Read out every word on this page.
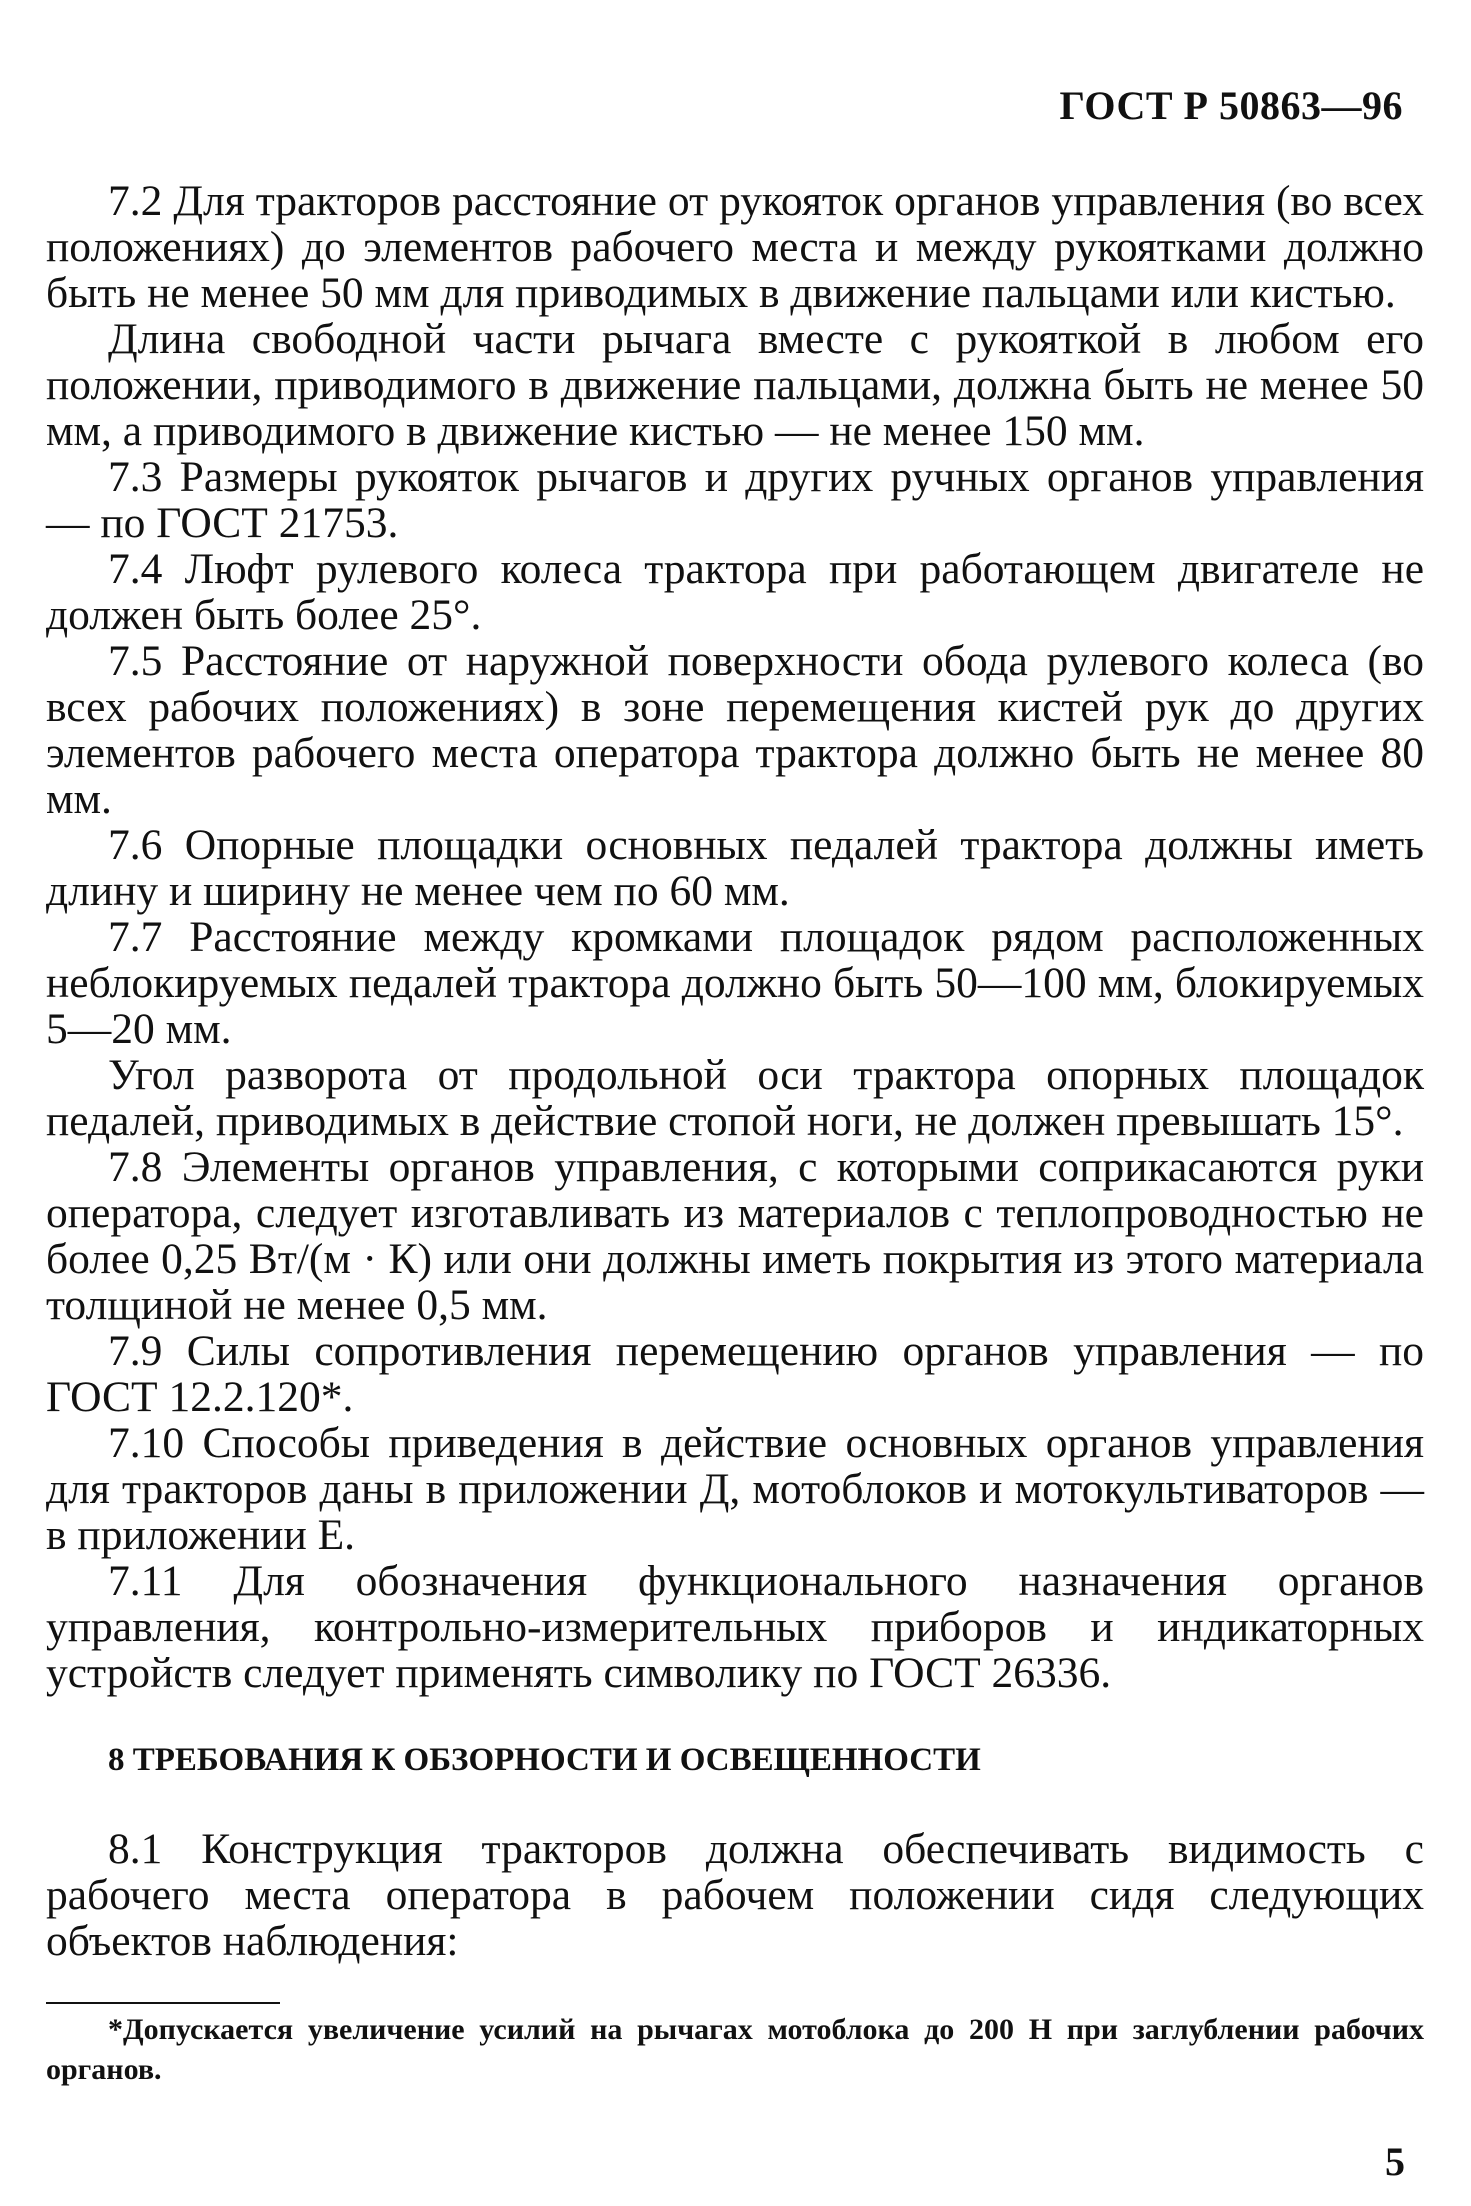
ГОСТ Р 50863—96

7.2 Для тракторов расстояние от рукояток органов управления (во всех положениях) до элементов рабочего места и между рукоятками должно быть не менее 50 мм для приводимых в движение пальцами или кистью.

Длина свободной части рычага вместе с рукояткой в любом его положении, приводимого в движение пальцами, должна быть не менее 50 мм, а приводимого в движение кистью — не менее 150 мм.

7.3 Размеры рукояток рычагов и других ручных органов управления — по ГОСТ 21753.

7.4 Люфт рулевого колеса трактора при работающем двигателе не должен быть более 25°.

7.5 Расстояние от наружной поверхности обода рулевого колеса (во всех рабочих положениях) в зоне перемещения кистей рук до других элементов рабочего места оператора трактора должно быть не менее 80 мм.

7.6 Опорные площадки основных педалей трактора должны иметь длину и ширину не менее чем по 60 мм.

7.7 Расстояние между кромками площадок рядом расположенных неблокируемых педалей трактора должно быть 50—100 мм, блокируемых 5—20 мм.

Угол разворота от продольной оси трактора опорных площадок педалей, приводимых в действие стопой ноги, не должен превышать 15°.

7.8 Элементы органов управления, с которыми соприкасаются руки оператора, следует изготавливать из материалов с теплопроводностью не более 0,25 Вт/(м · К) или они должны иметь покрытия из этого материала толщиной не менее 0,5 мм.

7.9 Силы сопротивления перемещению органов управления — по ГОСТ 12.2.120*.

7.10 Способы приведения в действие основных органов управления для тракторов даны в приложении Д, мотоблоков и мотокультиваторов — в приложении Е.

7.11 Для обозначения функционального назначения органов управления, контрольно-измерительных приборов и индикаторных устройств следует применять символику по ГОСТ 26336.

8 ТРЕБОВАНИЯ К ОБЗОРНОСТИ И ОСВЕЩЕННОСТИ

8.1 Конструкция тракторов должна обеспечивать видимость с рабочего места оператора в рабочем положении сидя следующих объектов наблюдения:

*Допускается увеличение усилий на рычагах мотоблока до 200 Н при заглублении рабочих органов.

5
